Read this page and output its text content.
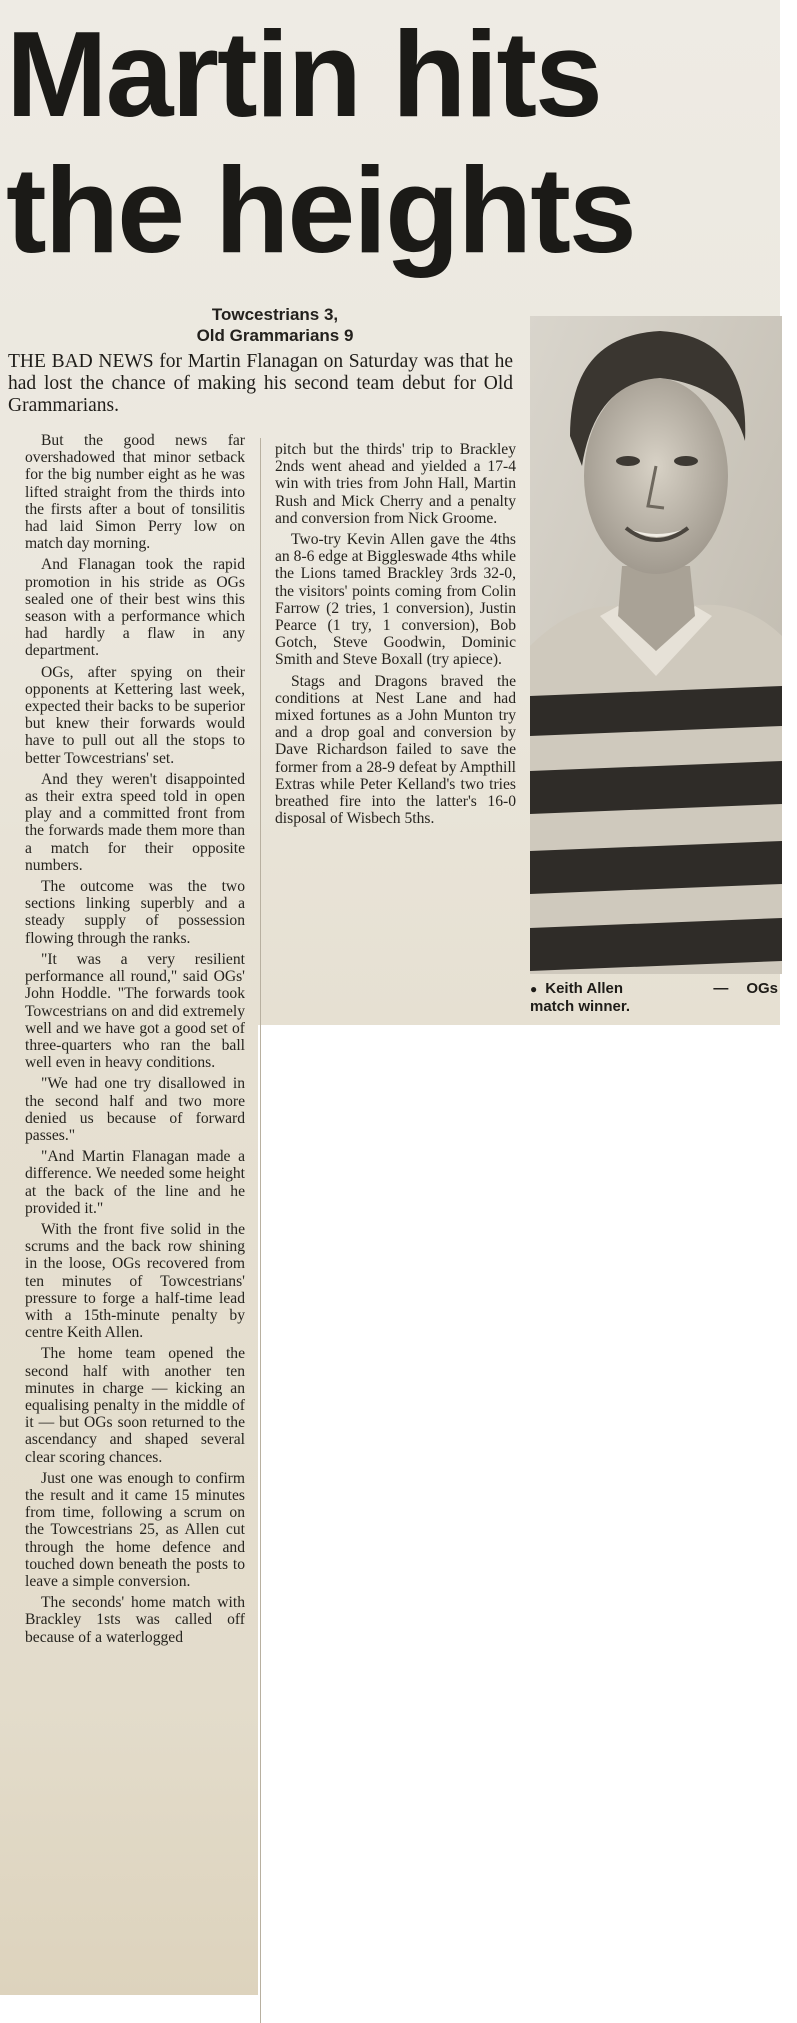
Martin hits
the heights
Towcestrians 3,
Old Grammarians 9

THE BAD NEWS for Martin Flanagan on Saturday was that he had lost the chance of making his second team debut for Old Grammarians.

But the good news far overshadowed that minor setback for the big number eight as he was lifted straight from the thirds into the firsts after a bout of tonsilitis had laid Simon Perry low on match day morning.

And Flanagan took the rapid promotion in his stride as OGs sealed one of their best wins this season with a performance which had hardly a flaw in any department.

OGs, after spying on their opponents at Kettering last week, expected their backs to be superior but knew their forwards would have to pull out all the stops to better Towcestrians' set.

And they weren't disappointed as their extra speed told in open play and a committed front from the forwards made them more than a match for their opposite numbers.

The outcome was the two sections linking superbly and a steady supply of possession flowing through the ranks.

"It was a very resilient performance all round," said OGs' John Hoddle. "The forwards took Towcestrians on and did extremely well and we have got a good set of three-quarters who ran the ball well even in heavy conditions.

"We had one try disallowed in the second half and two more denied us because of forward passes."

"And Martin Flanagan made a difference. We needed some height at the back of the line and he provided it."

With the front five solid in the scrums and the back row shining in the loose, OGs recovered from ten minutes of Towcestrians' pressure to forge a half-time lead with a 15th-minute penalty by centre Keith Allen.

The home team opened the second half with another ten minutes in charge — kicking an equalising penalty in the middle of it — but OGs soon returned to the ascendancy and shaped several clear scoring chances.

Just one was enough to confirm the result and it came 15 minutes from time, following a scrum on the Towcestrians 25, as Allen cut through the home defence and touched down beneath the posts to leave a simple conversion.

The seconds' home match with Brackley 1sts was called off because of a waterlogged

pitch but the thirds' trip to Brackley 2nds went ahead and yielded a 17-4 win with tries from John Hall, Martin Rush and Mick Cherry and a penalty and conversion from Nick Groome.

Two-try Kevin Allen gave the 4ths an 8-6 edge at Biggleswade 4ths while the Lions tamed Brackley 3rds 32-0, the visitors' points coming from Colin Farrow (2 tries, 1 conversion), Justin Pearce (1 try, 1 conversion), Bob Gotch, Steve Goodwin, Dominic Smith and Steve Boxall (try apiece).

Stags and Dragons braved the conditions at Nest Lane and had mixed fortunes as a John Munton try and a drop goal and conversion by Dave Richardson failed to save the former from a 28-9 defeat by Ampthill Extras while Peter Kelland's two tries breathed fire into the latter's 16-0 disposal of Wisbech 5ths.

● Keith Allen	— OGs
match winner.
